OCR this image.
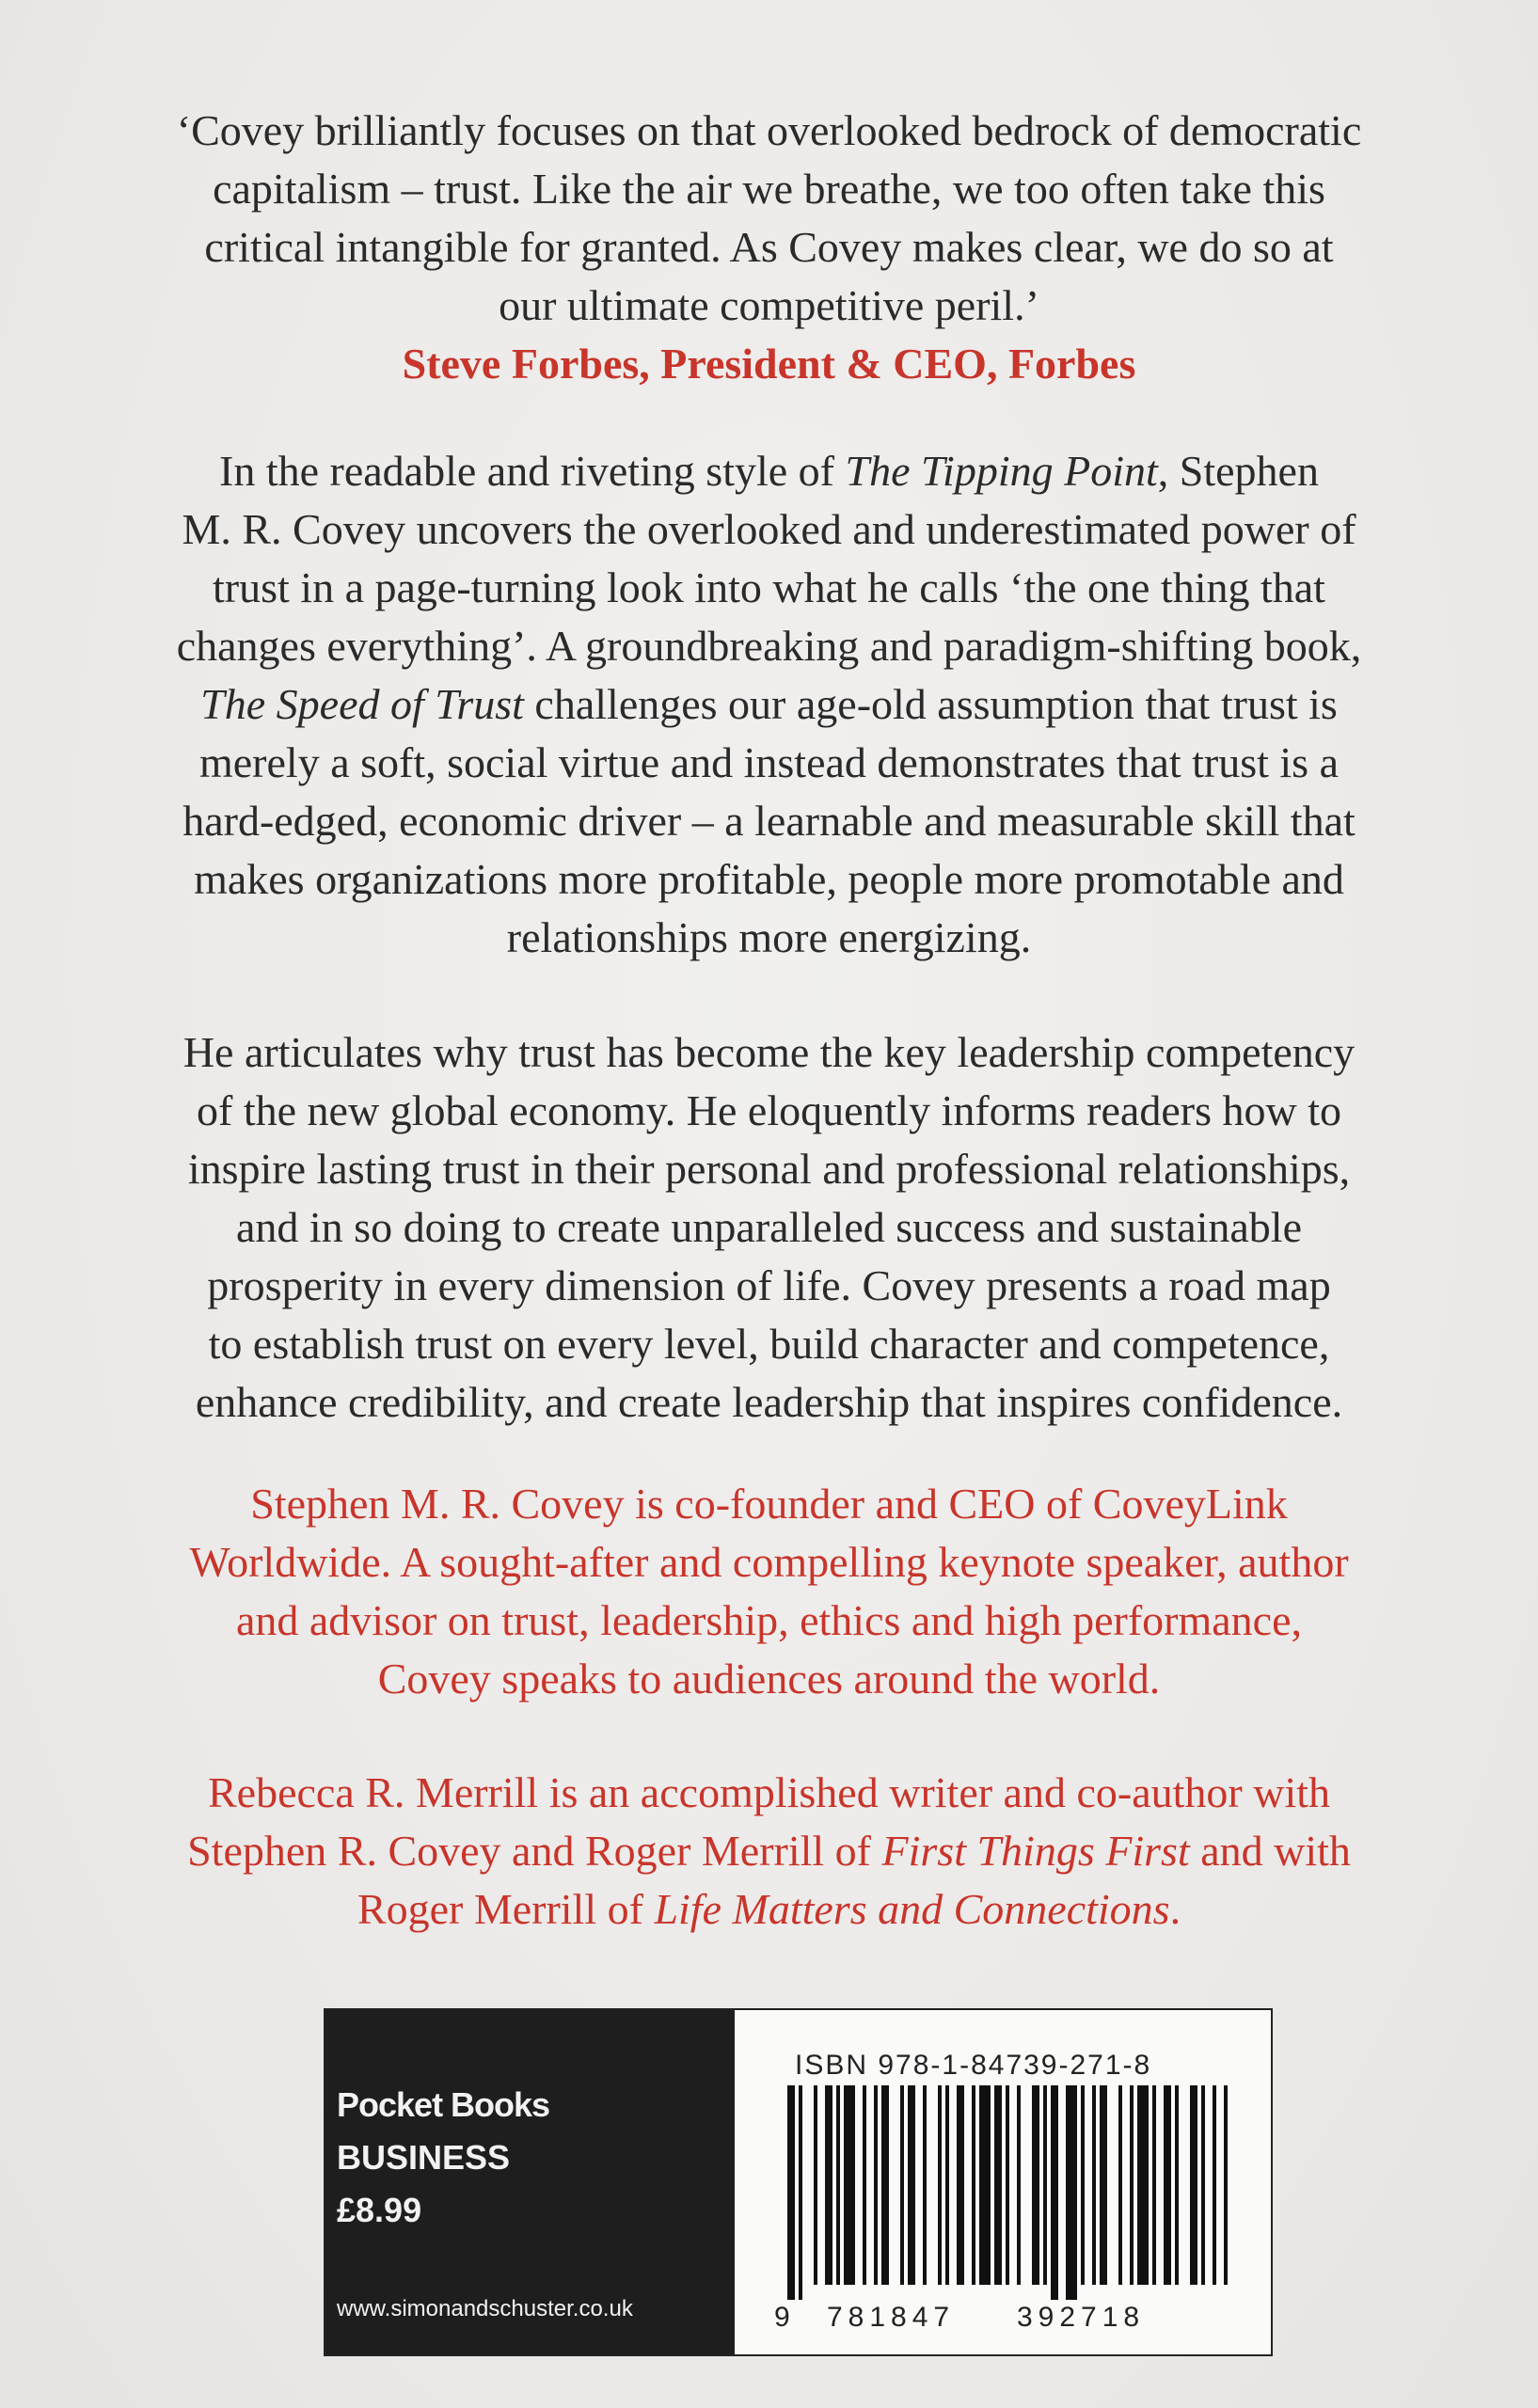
‘Covey brilliantly focuses on that overlooked bedrock of democratic
capitalism – trust. Like the air we breathe, we too often take this
critical intangible for granted. As Covey makes clear, we do so at
our ultimate competitive peril.’
Steve Forbes, President & CEO, Forbes
In the readable and riveting style of The Tipping Point, Stephen
M. R. Covey uncovers the overlooked and underestimated power of
trust in a page-turning look into what he calls ‘the one thing that
changes everything’. A groundbreaking and paradigm-shifting book,
The Speed of Trust challenges our age-old assumption that trust is
merely a soft, social virtue and instead demonstrates that trust is a
hard-edged, economic driver – a learnable and measurable skill that
makes organizations more profitable, people more promotable and
relationships more energizing.
He articulates why trust has become the key leadership competency
of the new global economy. He eloquently informs readers how to
inspire lasting trust in their personal and professional relationships,
and in so doing to create unparalleled success and sustainable
prosperity in every dimension of life. Covey presents a road map
to establish trust on every level, build character and competence,
enhance credibility, and create leadership that inspires confidence.
Stephen M. R. Covey is co-founder and CEO of CoveyLink
Worldwide. A sought-after and compelling keynote speaker, author
and advisor on trust, leadership, ethics and high performance,
Covey speaks to audiences around the world.
Rebecca R. Merrill is an accomplished writer and co-author with
Stephen R. Covey and Roger Merrill of First Things First and with
Roger Merrill of Life Matters and Connections.
Pocket Books
BUSINESS
£8.99
www.simonandschuster.co.uk
ISBN 978-1-84739-271-8
9 781847 392718
